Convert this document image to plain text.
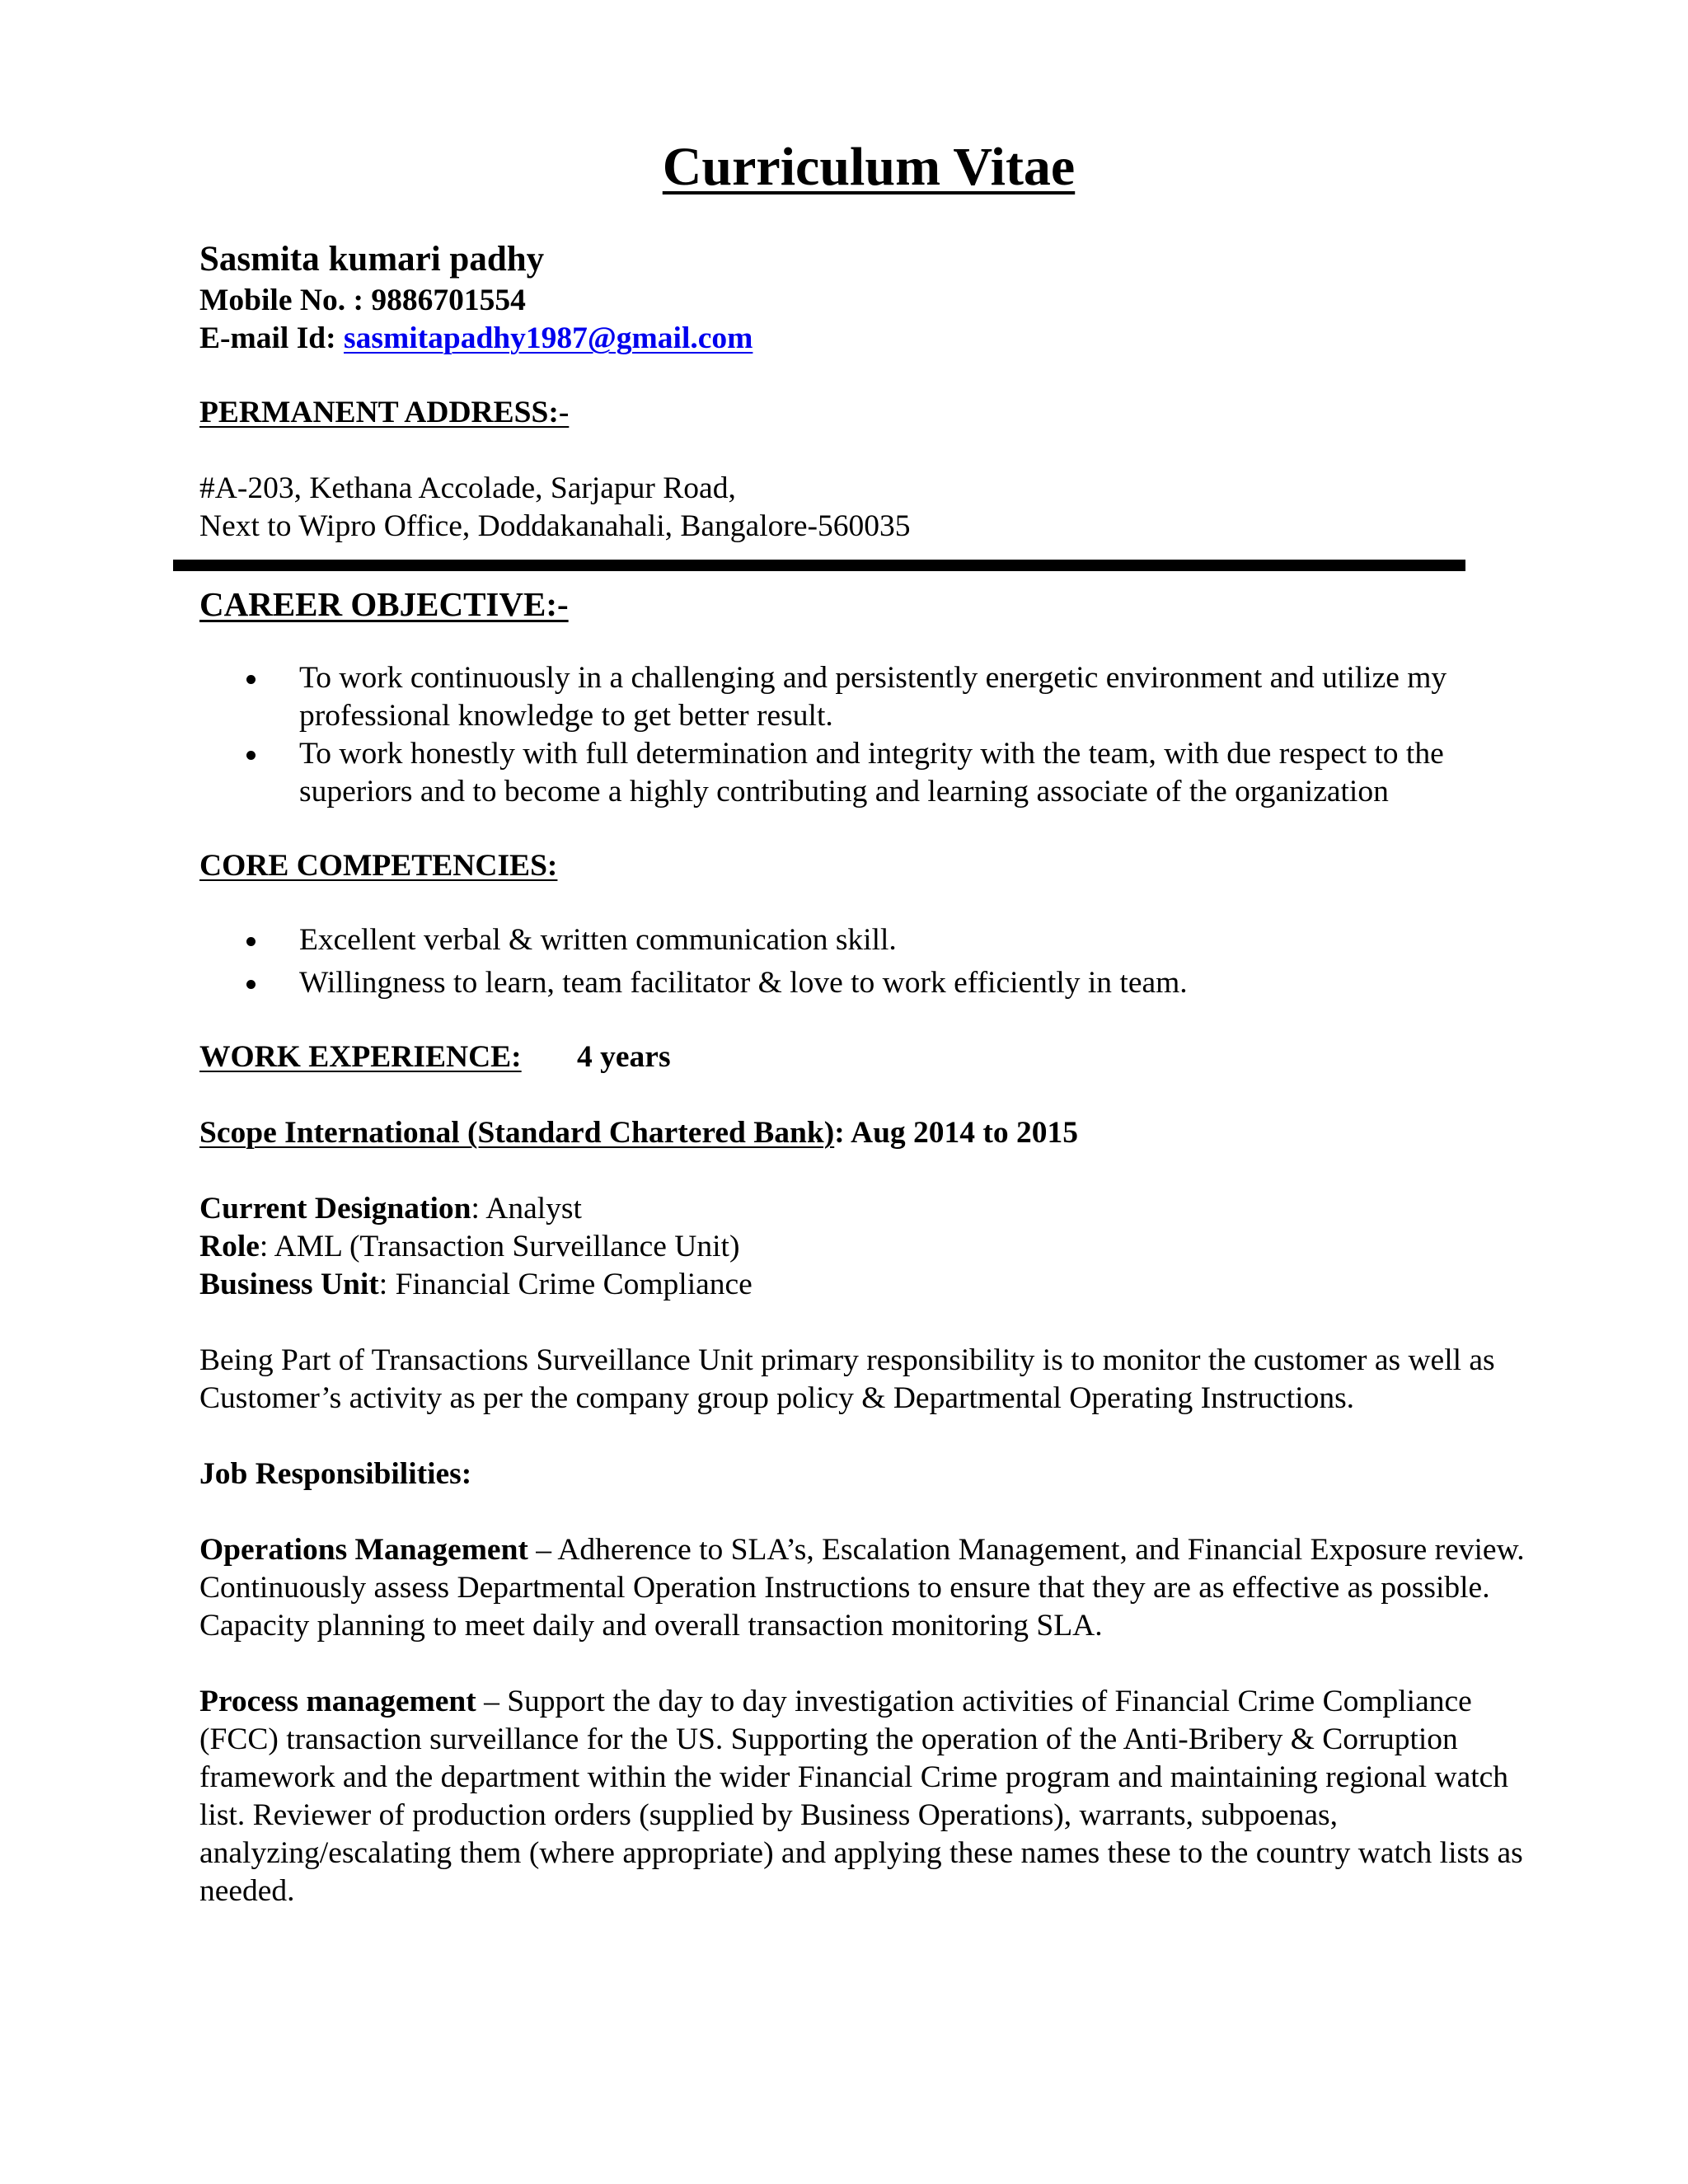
Curriculum Vitae
Sasmita kumari padhy
Mobile No. : 9886701554
E-mail Id: sasmitapadhy1987@gmail.com
PERMANENT ADDRESS:-
#A-203, Kethana Accolade, Sarjapur Road,
Next to Wipro Office, Doddakanahali, Bangalore-560035
CAREER OBJECTIVE:-
To work continuously in a challenging and persistently energetic environment and utilize my professional knowledge to get better result.
To work honestly with full determination and integrity with the team, with due respect to the superiors and to become a highly contributing and learning associate of the organization
CORE COMPETENCIES:
Excellent verbal & written communication skill.
Willingness to learn, team facilitator & love to work efficiently in team.
WORK EXPERIENCE: 4 years
Scope International (Standard Chartered Bank): Aug 2014 to 2015
Current Designation: Analyst
Role: AML (Transaction Surveillance Unit)
Business Unit: Financial Crime Compliance

Being Part of Transactions Surveillance Unit primary responsibility is to monitor the customer as well as Customer’s activity as per the company group policy & Departmental Operating Instructions.

Job Responsibilities:

Operations Management – Adherence to SLA’s, Escalation Management, and Financial Exposure review. Continuously assess Departmental Operation Instructions to ensure that they are as effective as possible. Capacity planning to meet daily and overall transaction monitoring SLA.

Process management – Support the day to day investigation activities of Financial Crime Compliance (FCC) transaction surveillance for the US. Supporting the operation of the Anti-Bribery & Corruption framework and the department within the wider Financial Crime program and maintaining regional watch list. Reviewer of production orders (supplied by Business Operations), warrants, subpoenas, analyzing/escalating them (where appropriate) and applying these names these to the country watch lists as needed.
